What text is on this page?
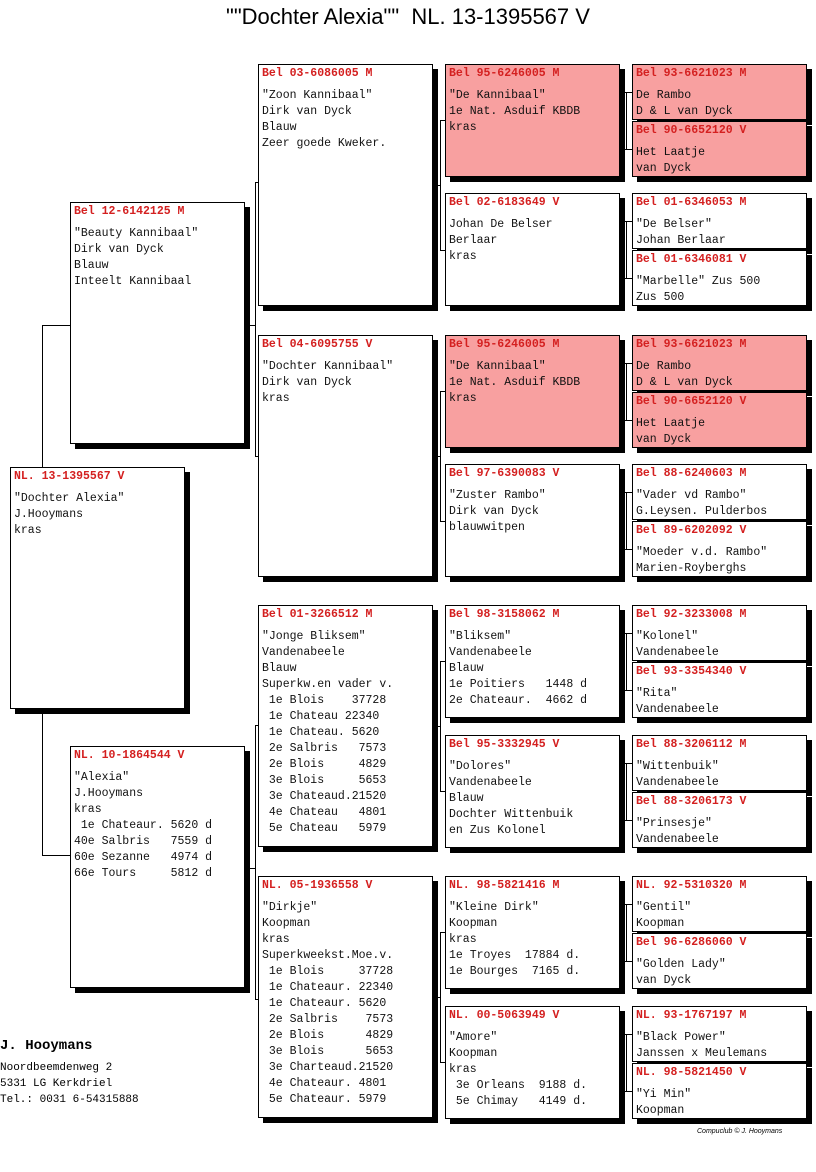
""Dochter Alexia""  NL. 13-1395567 V
NL. 13-1395567 V
"Dochter Alexia"
J.Hooymans
kras
Bel 12-6142125 M
"Beauty Kannibaal"
Dirk van Dyck
Blauw
Inteelt Kannibaal
NL. 10-1864544 V
"Alexia"
J.Hooymans
kras
1e Chateaur. 5620 d
40e Salbris   7559 d
60e Sezanne   4974 d
66e Tours     5812 d
Bel 03-6086005 M
"Zoon Kannibaal"
Dirk van Dyck
Blauw
Zeer goede Kweker.
Bel 04-6095755 V
"Dochter Kannibaal"
Dirk van Dyck
kras
Bel 01-3266512 M
"Jonge Bliksem"
Vandenabeele
Blauw
Superkw.en vader v.
1e Blois    37728
1e Chateau 22340
1e Chateau. 5620
2e Salbris   7573
2e Blois     4829
3e Blois     5653
3e Chateaud.21520
4e Chateau   4801
5e Chateau   5979
NL. 05-1936558 V
"Dirkje"
Koopman
kras
Superkweekst.Moe.v.
1e Blois     37728
1e Chateaur. 22340
1e Chateaur. 5620
2e Salbris    7573
2e Blois      4829
3e Blois      5653
3e Charteaud.21520
4e Chateaur. 4801
5e Chateaur. 5979
Bel 95-6246005 M
"De Kannibaal"
1e Nat. Asduif KBDB
kras
Bel 02-6183649 V
Johan De Belser
Berlaar
kras
Bel 95-6246005 M
"De Kannibaal"
1e Nat. Asduif KBDB
kras
Bel 97-6390083 V
"Zuster Rambo"
Dirk van Dyck
blauwwitpen
Bel 98-3158062 M
"Bliksem"
Vandenabeele
Blauw
1e Poitiers   1448 d
2e Chateaur.  4662 d
Bel 95-3332945 V
"Dolores"
Vandenabeele
Blauw
Dochter Wittenbuik
en Zus Kolonel
NL. 98-5821416 M
"Kleine Dirk"
Koopman
kras
1e Troyes  17884 d.
1e Bourges  7165 d.
NL. 00-5063949 V
"Amore"
Koopman
kras
3e Orleans  9188 d.
5e Chimay   4149 d.
Bel 93-6621023 M
De Rambo
D & L van Dyck
Bel 90-6652120 V
Het Laatje
van Dyck
Bel 01-6346053 M
"De Belser"
Johan Berlaar
Bel 01-6346081 V
"Marbelle" Zus 500
Zus 500
Bel 93-6621023 M
De Rambo
D & L van Dyck
Bel 90-6652120 V
Het Laatje
van Dyck
Bel 88-6240603 M
"Vader vd Rambo"
G.Leysen. Pulderbos
Bel 89-6202092 V
"Moeder v.d. Rambo"
Marien-Royberghs
Bel 92-3233008 M
"Kolonel"
Vandenabeele
Bel 93-3354340 V
"Rita"
Vandenabeele
Bel 88-3206112 M
"Wittenbuik"
Vandenabeele
Bel 88-3206173 V
"Prinsesje"
Vandenabeele
NL. 92-5310320 M
"Gentil"
Koopman
Bel 96-6286060 V
"Golden Lady"
van Dyck
NL. 93-1767197 M
"Black Power"
Janssen x Meulemans
NL. 98-5821450 V
"Yi Min"
Koopman
J. Hooymans
Noordbeemdenweg 2
5331 LG Kerkdriel
Tel.: 0031 6-54315888
Compuclub © J. Hooymans
